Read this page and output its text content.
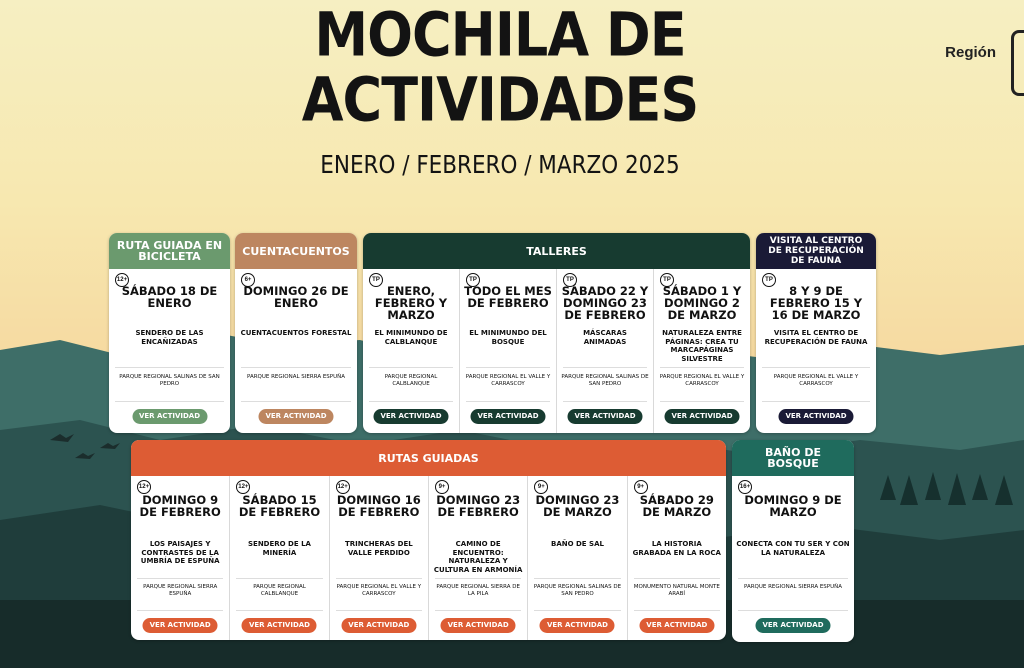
MOCHILA DE
ACTIVIDADES
ENERO / FEBRERO / MARZO 2025
Región
RUTA GUIADA EN BICICLETA
12+
SÁBADO 18 DE ENERO
SENDERO DE LAS ENCAÑIZADAS
PARQUE REGIONAL SALINAS DE SAN PEDRO
VER ACTIVIDAD
CUENTACUENTOS
6+
DOMINGO 26 DE ENERO
CUENTACUENTOS FORESTAL
PARQUE REGIONAL SIERRA ESPUÑA
VER ACTIVIDAD
TALLERES
TP
ENERO, FEBRERO Y MARZO
EL MINIMUNDO DE CALBLANQUE
PARQUE REGIONAL CALBLANQUE
VER ACTIVIDAD
TP
TODO EL MES DE FEBRERO
EL MINIMUNDO DEL BOSQUE
PARQUE REGIONAL EL VALLE Y CARRASCOY
VER ACTIVIDAD
TP
SÁBADO 22 Y DOMINGO 23 DE FEBRERO
MÁSCARAS ANIMADAS
PARQUE REGIONAL SALINAS DE SAN PEDRO
VER ACTIVIDAD
TP
SÁBADO 1 Y DOMINGO 2 DE MARZO
NATURALEZA ENTRE PÁGINAS: CREA TU MARCAPÁGINAS SILVESTRE
PARQUE REGIONAL EL VALLE Y CARRASCOY
VER ACTIVIDAD
VISITA AL CENTRO DE RECUPERACIÓN DE FAUNA
TP
8 Y 9 DE FEBRERO 15 Y 16 DE MARZO
VISITA EL CENTRO DE RECUPERACIÓN DE FAUNA
PARQUE REGIONAL EL VALLE Y CARRASCOY
VER ACTIVIDAD
RUTAS GUIADAS
12+
DOMINGO 9 DE FEBRERO
LOS PAISAJES Y CONTRASTES DE LA UMBRÍA DE ESPUÑA
PARQUE REGIONAL SIERRA ESPUÑA
VER ACTIVIDAD
12+
SÁBADO 15 DE FEBRERO
SENDERO DE LA MINERÍA
PARQUE REGIONAL CALBLANQUE
VER ACTIVIDAD
12+
DOMINGO 16 DE FEBRERO
TRINCHERAS DEL VALLE PERDIDO
PARQUE REGIONAL EL VALLE Y CARRASCOY
VER ACTIVIDAD
9+
DOMINGO 23 DE FEBRERO
CAMINO DE ENCUENTRO: NATURALEZA Y CULTURA EN ARMONÍA
PARQUE REGIONAL SIERRA DE LA PILA
VER ACTIVIDAD
9+
DOMINGO 23 DE MARZO
BAÑO DE SAL
PARQUE REGIONAL SALINAS DE SAN PEDRO
VER ACTIVIDAD
9+
SÁBADO 29 DE MARZO
LA HISTORIA GRABADA EN LA ROCA
MONUMENTO NATURAL MONTE ARABÍ
VER ACTIVIDAD
BAÑO DE BOSQUE
16+
DOMINGO 9 DE MARZO
CONECTA CON TU SER Y CON LA NATURALEZA
PARQUE REGIONAL SIERRA ESPUÑA
VER ACTIVIDAD
